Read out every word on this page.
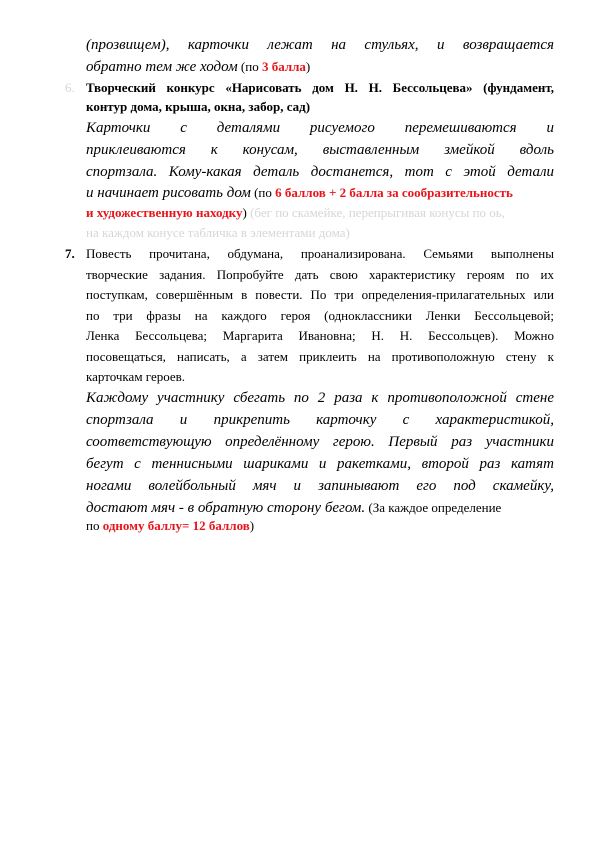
(прозвищем), карточки лежат на стульях, и возвращается
обратно тем же ходом (по 3 балла)
6. Творческий конкурс «Нарисовать дом Н. Н. Бессольцева» (фундамент,
контур дома, крыша, окна, забор, сад)
Карточки с деталями рисуемого перемешиваются и
приклеиваются к конусам, выставленным змейкой вдоль
спортзала. Кому-какая деталь достанется, тот с этой детали
и начинает рисовать дом (по 6 баллов + 2 балла за сообразительность
и художественную находку) (бег по скамейке, перепрыгивая конусы по оь,
на каждом конусе табличка в элементами дома)
7. Повесть прочитана, обдумана, проанализирована. Семьями выполнены
творческие задания. Попробуйте дать свою характеристику героям по их
поступкам, совершённым в повести. По три определения-прилагательных или
по три фразы на каждого героя (одноклассники Ленки Бессольцевой;
Ленка Бессольцева; Маргарита Ивановна; Н. Н. Бессольцев). Можно
посовещаться, написать, а затем приклеить на противоположную стену к
карточкам героев.
Каждому участнику сбегать по 2 раза к противоположной стене
спортзала и прикрепить карточку с характеристикой,
соответствующую определённому герою. Первый раз участники
бегут с теннисными шариками и ракетками, второй раз катят
ногами волейбольный мяч и запинывают его под скамейку,
достают мяч - в обратную сторону бегом. (За каждое определение
по одному баллу= 12 баллов)
